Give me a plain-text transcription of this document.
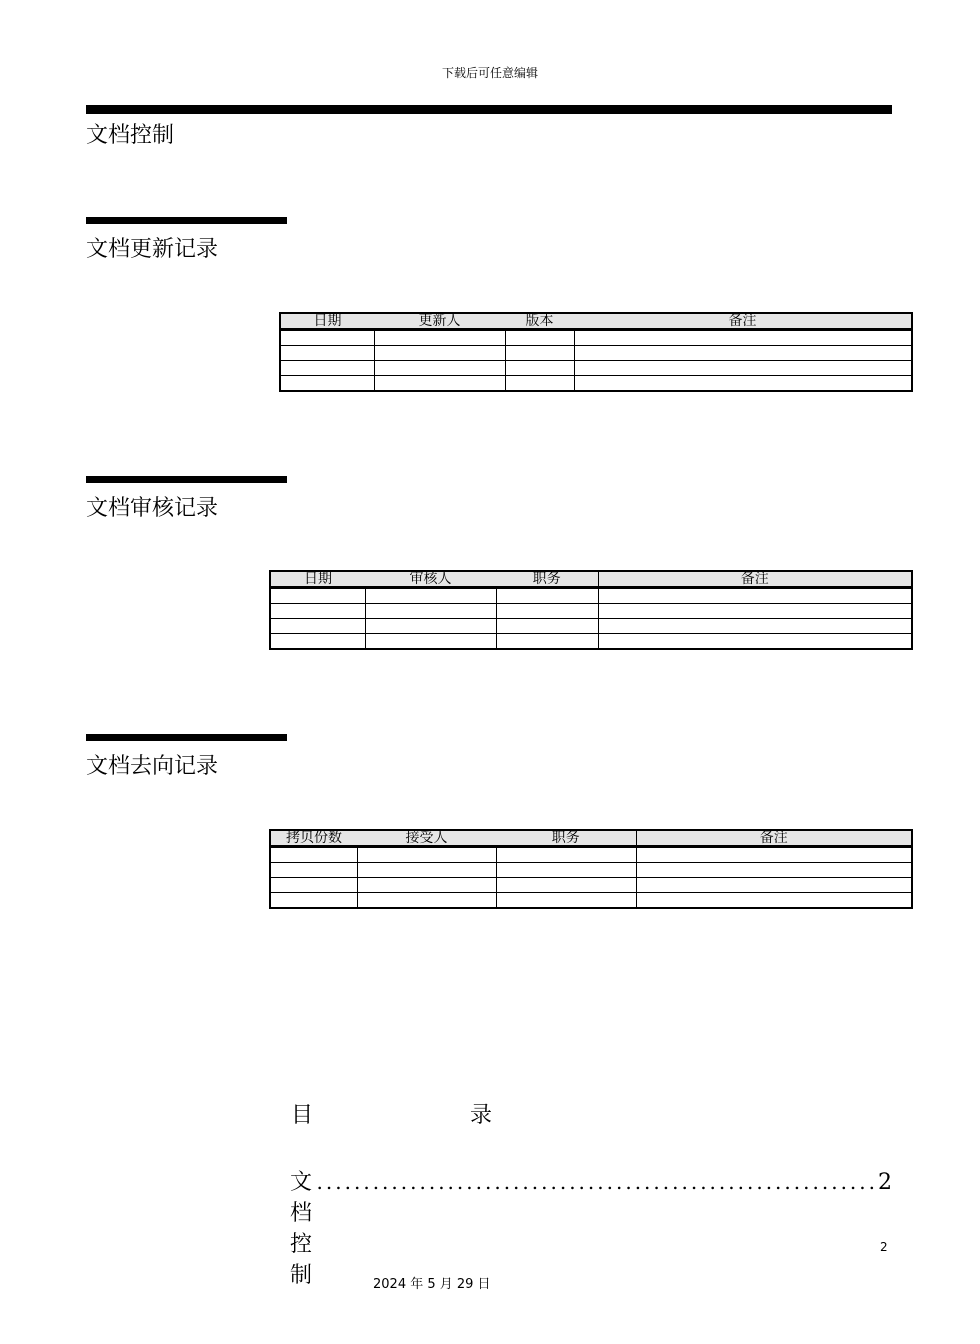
下载后可任意编辑
文档控制
文档更新记录
日期	更新人	版本	备注

文档审核记录
日期	审核人	职务	备注

文档去向记录
拷贝份数	接受人	职务	备注

目	录
文档控制
............................................................ 2
2
2024 年 5 月 29 日
